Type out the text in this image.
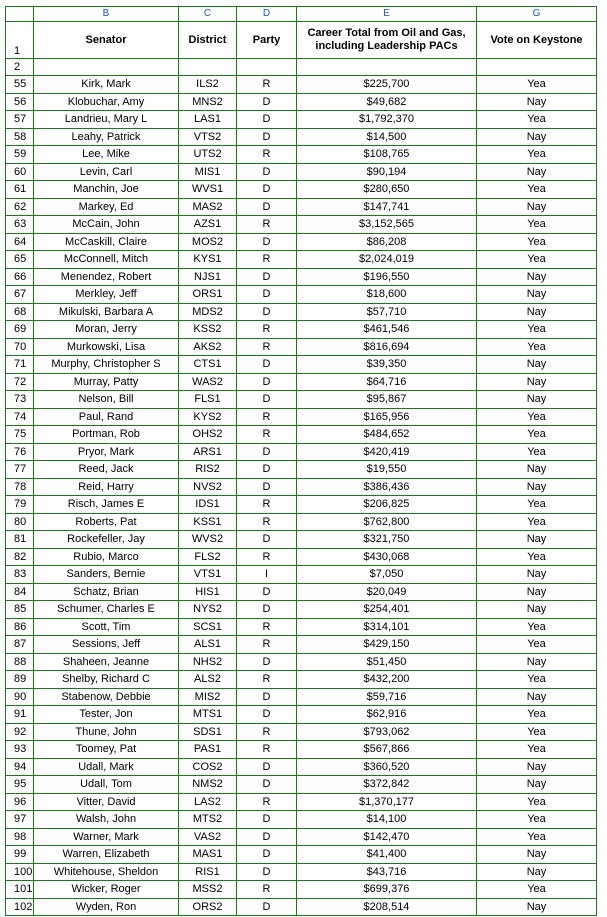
	B	C	D	E	G
1	Senator	District	Party	Career Total from Oil and Gas, including Leadership PACs	Vote on Keystone
2					
55	Kirk, Mark	ILS2	R	$225,700	Yea
56	Klobuchar, Amy	MNS2	D	$49,682	Nay
57	Landrieu, Mary L	LAS1	D	$1,792,370	Yea
58	Leahy, Patrick	VTS2	D	$14,500	Nay
59	Lee, Mike	UTS2	R	$108,765	Yea
60	Levin, Carl	MIS1	D	$90,194	Nay
61	Manchin, Joe	WVS1	D	$280,650	Yea
62	Markey, Ed	MAS2	D	$147,741	Nay
63	McCain, John	AZS1	R	$3,152,565	Yea
64	McCaskill, Claire	MOS2	D	$86,208	Yea
65	McConnell, Mitch	KYS1	R	$2,024,019	Yea
66	Menendez, Robert	NJS1	D	$196,550	Nay
67	Merkley, Jeff	ORS1	D	$18,600	Nay
68	Mikulski, Barbara A	MDS2	D	$57,710	Nay
69	Moran, Jerry	KSS2	R	$461,546	Yea
70	Murkowski, Lisa	AKS2	R	$816,694	Yea
71	Murphy, Christopher S	CTS1	D	$39,350	Nay
72	Murray, Patty	WAS2	D	$64,716	Nay
73	Nelson, Bill	FLS1	D	$95,867	Nay
74	Paul, Rand	KYS2	R	$165,956	Yea
75	Portman, Rob	OHS2	R	$484,652	Yea
76	Pryor, Mark	ARS1	D	$420,419	Yea
77	Reed, Jack	RIS2	D	$19,550	Nay
78	Reid, Harry	NVS2	D	$386,436	Nay
79	Risch, James E	IDS1	R	$206,825	Yea
80	Roberts, Pat	KSS1	R	$762,800	Yea
81	Rockefeller, Jay	WVS2	D	$321,750	Nay
82	Rubio, Marco	FLS2	R	$430,068	Yea
83	Sanders, Bernie	VTS1	I	$7,050	Nay
84	Schatz, Brian	HIS1	D	$20,049	Nay
85	Schumer, Charles E	NYS2	D	$254,401	Nay
86	Scott, Tim	SCS1	R	$314,101	Yea
87	Sessions, Jeff	ALS1	R	$429,150	Yea
88	Shaheen, Jeanne	NHS2	D	$51,450	Nay
89	Shelby, Richard C	ALS2	R	$432,200	Yea
90	Stabenow, Debbie	MIS2	D	$59,716	Nay
91	Tester, Jon	MTS1	D	$62,916	Yea
92	Thune, John	SDS1	R	$793,062	Yea
93	Toomey, Pat	PAS1	R	$567,866	Yea
94	Udall, Mark	COS2	D	$360,520	Nay
95	Udall, Tom	NMS2	D	$372,842	Nay
96	Vitter, David	LAS2	R	$1,370,177	Yea
97	Walsh, John	MTS2	D	$14,100	Yea
98	Warner, Mark	VAS2	D	$142,470	Yea
99	Warren, Elizabeth	MAS1	D	$41,400	Nay
100	Whitehouse, Sheldon	RIS1	D	$43,716	Nay
101	Wicker, Roger	MSS2	R	$699,376	Yea
102	Wyden, Ron	ORS2	D	$208,514	Nay
